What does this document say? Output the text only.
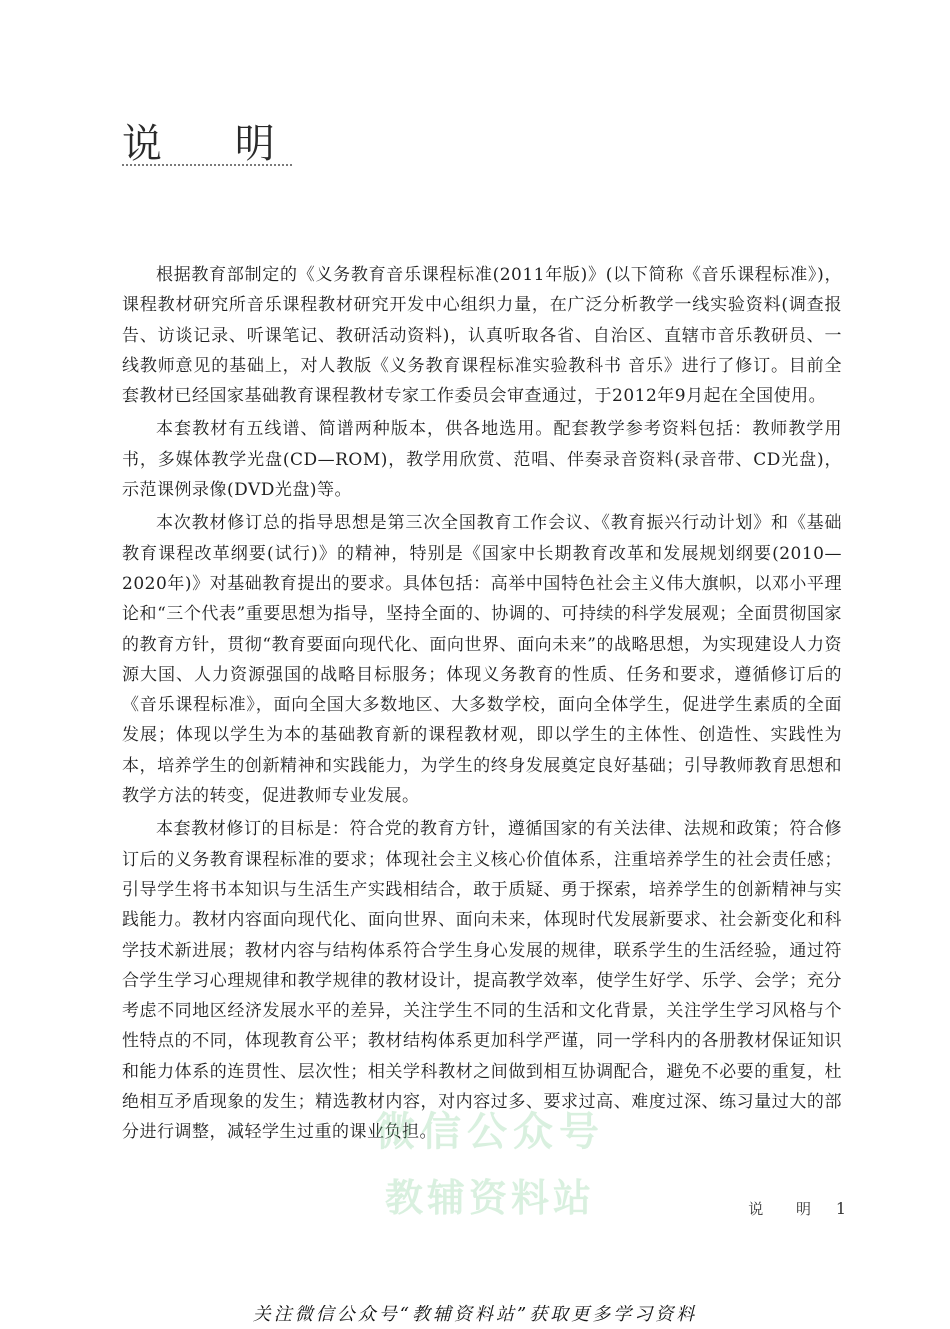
说 明

根据教育部制定的《义务教育音乐课程标准(2011年版)》(以下简称《音乐课程标准》)，课程教材研究所音乐课程教材研究开发中心组织力量，在广泛分析教学一线实验资料(调查报告、访谈记录、听课笔记、教研活动资料)，认真听取各省、自治区、直辖市音乐教研员、一线教师意见的基础上，对人教版《义务教育课程标准实验教科书 音乐》进行了修订。目前全套教材已经国家基础教育课程教材专家工作委员会审查通过，于2012年9月起在全国使用。

本套教材有五线谱、简谱两种版本，供各地选用。配套教学参考资料包括：教师教学用书，多媒体教学光盘(CD—ROM)，教学用欣赏、范唱、伴奏录音资料(录音带、CD光盘)，示范课例录像(DVD光盘)等。

本次教材修订总的指导思想是第三次全国教育工作会议、《教育振兴行动计划》和《基础教育课程改革纲要(试行)》的精神，特别是《国家中长期教育改革和发展规划纲要(2010—2020年)》对基础教育提出的要求。具体包括：高举中国特色社会主义伟大旗帜，以邓小平理论和“三个代表”重要思想为指导，坚持全面的、协调的、可持续的科学发展观；全面贯彻国家的教育方针，贯彻“教育要面向现代化、面向世界、面向未来”的战略思想，为实现建设人力资源大国、人力资源强国的战略目标服务；体现义务教育的性质、任务和要求，遵循修订后的《音乐课程标准》，面向全国大多数地区、大多数学校，面向全体学生，促进学生素质的全面发展；体现以学生为本的基础教育新的课程教材观，即以学生的主体性、创造性、实践性为本，培养学生的创新精神和实践能力，为学生的终身发展奠定良好基础；引导教师教育思想和教学方法的转变，促进教师专业发展。

本套教材修订的目标是：符合党的教育方针，遵循国家的有关法律、法规和政策；符合修订后的义务教育课程标准的要求；体现社会主义核心价值体系，注重培养学生的社会责任感；引导学生将书本知识与生活生产实践相结合，敢于质疑、勇于探索，培养学生的创新精神与实践能力。教材内容面向现代化、面向世界、面向未来，体现时代发展新要求、社会新变化和科学技术新进展；教材内容与结构体系符合学生身心发展的规律，联系学生的生活经验，通过符合学生学习心理规律和教学规律的教材设计，提高教学效率，使学生好学、乐学、会学；充分考虑不同地区经济发展水平的差异，关注学生不同的生活和文化背景，关注学生学习风格与个性特点的不同，体现教育公平；教材结构体系更加科学严谨，同一学科内的各册教材保证知识和能力体系的连贯性、层次性；相关学科教材之间做到相互协调配合，避免不必要的重复，杜绝相互矛盾现象的发生；精选教材内容，对内容过多、要求过高、难度过深、练习量过大的部分进行调整，减轻学生过重的课业负担。

微信公众号
教辅资料站	说 明 1
关注微信公众号“教辅资料站”获取更多学习资料
